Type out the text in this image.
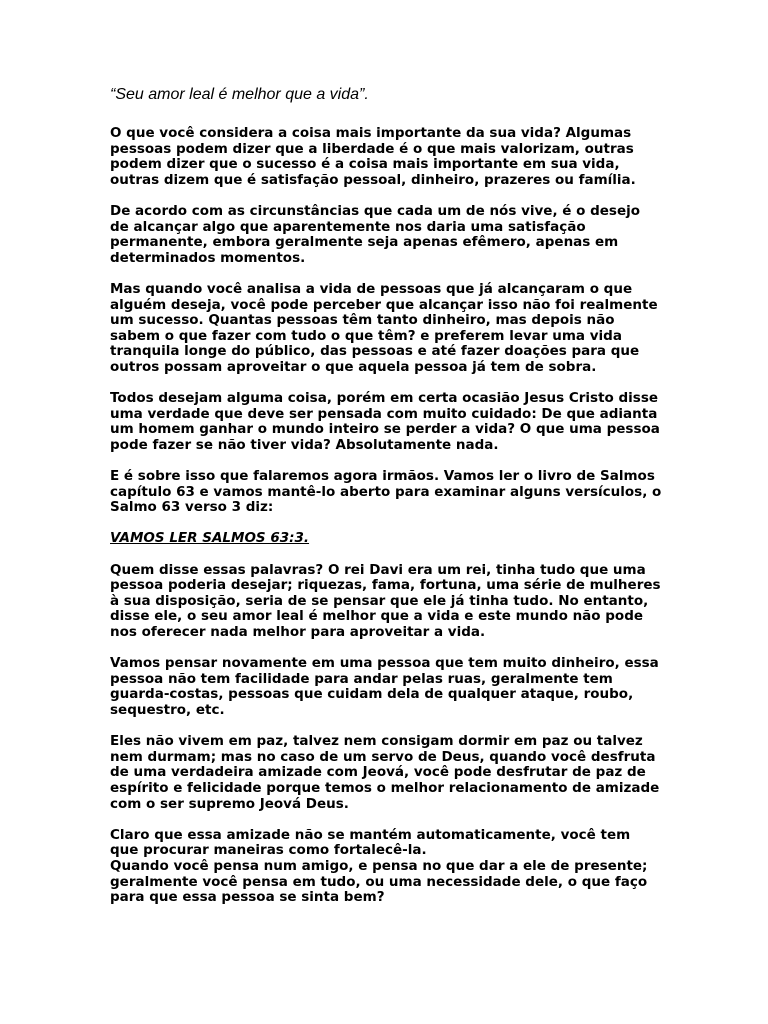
“Seu amor leal é melhor que a vida”.

O que você considera a coisa mais importante da sua vida? Algumas pessoas podem dizer que a liberdade é o que mais valorizam, outras podem dizer que o sucesso é a coisa mais importante em sua vida, outras dizem que é satisfação pessoal, dinheiro, prazeres ou família.

De acordo com as circunstâncias que cada um de nós vive, é o desejo de alcançar algo que aparentemente nos daria uma satisfação permanente, embora geralmente seja apenas efêmero, apenas em determinados momentos.

Mas quando você analisa a vida de pessoas que já alcançaram o que alguém deseja, você pode perceber que alcançar isso não foi realmente um sucesso. Quantas pessoas têm tanto dinheiro, mas depois não sabem o que fazer com tudo o que têm? e preferem levar uma vida tranquila longe do público, das pessoas e até fazer doações para que outros possam aproveitar o que aquela pessoa já tem de sobra.

Todos desejam alguma coisa, porém em certa ocasião Jesus Cristo disse uma verdade que deve ser pensada com muito cuidado: De que adianta um homem ganhar o mundo inteiro se perder a vida? O que uma pessoa pode fazer se não tiver vida? Absolutamente nada.

E é sobre isso que falaremos agora irmãos. Vamos ler o livro de Salmos capítulo 63 e vamos mantê-lo aberto para examinar alguns versículos, o Salmo 63 verso 3 diz:

VAMOS LER SALMOS 63:3.

Quem disse essas palavras? O rei Davi era um rei, tinha tudo que uma pessoa poderia desejar; riquezas, fama, fortuna, uma série de mulheres à sua disposição, seria de se pensar que ele já tinha tudo. No entanto, disse ele, o seu amor leal é melhor que a vida e este mundo não pode nos oferecer nada melhor para aproveitar a vida.

Vamos pensar novamente em uma pessoa que tem muito dinheiro, essa pessoa não tem facilidade para andar pelas ruas, geralmente tem guarda-costas, pessoas que cuidam dela de qualquer ataque, roubo, sequestro, etc.

Eles não vivem em paz, talvez nem consigam dormir em paz ou talvez nem durmam; mas no caso de um servo de Deus, quando você desfruta de uma verdadeira amizade com Jeová, você pode desfrutar de paz de espírito e felicidade porque temos o melhor relacionamento de amizade com o ser supremo Jeová Deus.

Claro que essa amizade não se mantém automaticamente, você tem que procurar maneiras como fortalecê-la.

Quando você pensa num amigo, e pensa no que dar a ele de presente; geralmente você pensa em tudo, ou uma necessidade dele, o que faço para que essa pessoa se sinta bem?
